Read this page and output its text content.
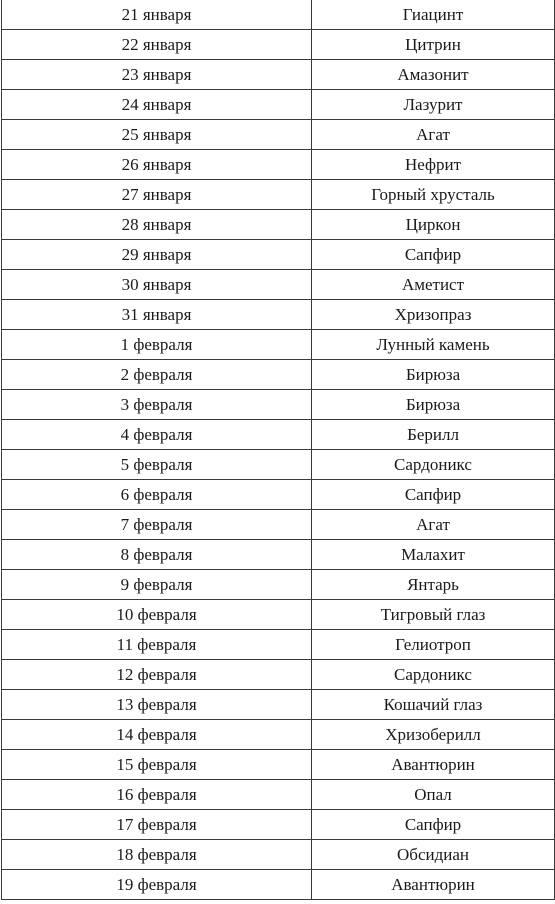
21 января	Гиацинт
22 января	Цитрин
23 января	Амазонит
24 января	Лазурит
25 января	Агат
26 января	Нефрит
27 января	Горный хрусталь
28 января	Циркон
29 января	Сапфир
30 января	Аметист
31 января	Хризопраз
1 февраля	Лунный камень
2 февраля	Бирюза
3 февраля	Бирюза
4 февраля	Берилл
5 февраля	Сардоникс
6 февраля	Сапфир
7 февраля	Агат
8 февраля	Малахит
9 февраля	Янтарь
10 февраля	Тигровый глаз
11 февраля	Гелиотроп
12 февраля	Сардоникс
13 февраля	Кошачий глаз
14 февраля	Хризоберилл
15 февраля	Авантюрин
16 февраля	Опал
17 февраля	Сапфир
18 февраля	Обсидиан
19 февраля	Авантюрин
